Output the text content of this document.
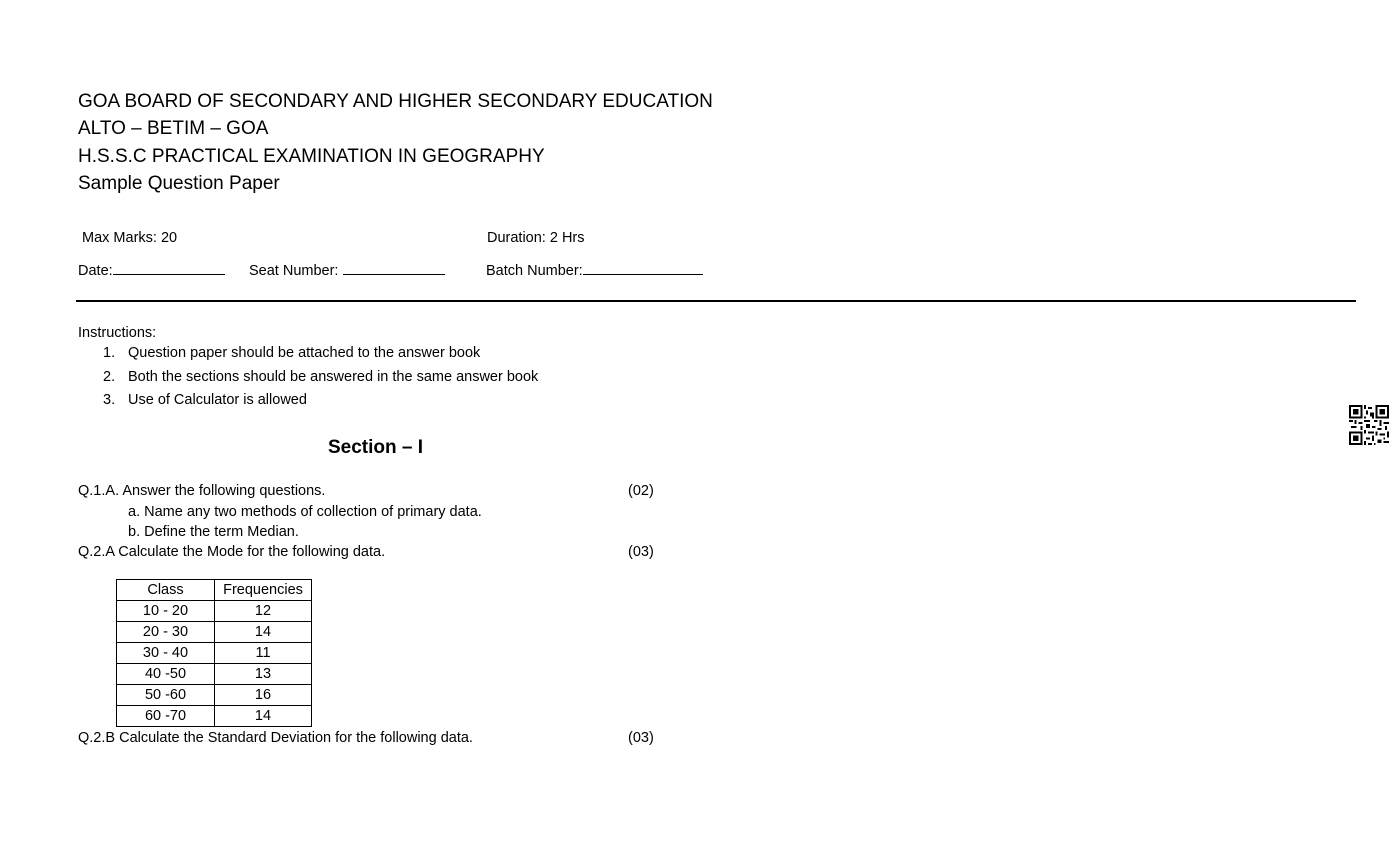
GOA BOARD OF SECONDARY AND HIGHER SECONDARY EDUCATION
ALTO – BETIM – GOA
H.S.S.C PRACTICAL EXAMINATION IN GEOGRAPHY
Sample Question Paper
Max Marks: 20	Duration: 2 Hrs
Date:	Seat Number:	Batch Number:
Instructions:
1. Question paper should be attached to the answer book
2. Both the sections should be answered in the same answer book
3. Use of Calculator is allowed
Section – I
Q.1.A. Answer the following questions.	(02)
a. Name any two methods of collection of primary data.
b. Define the term Median.
Q.2.A Calculate the Mode for the following data.	(03)
Class	Frequencies
10 - 20	12
20 - 30	14
30 - 40	11
40 -50	13
50 -60	16
60 -70	14
Q.2.B Calculate the Standard Deviation for the following data.	(03)
